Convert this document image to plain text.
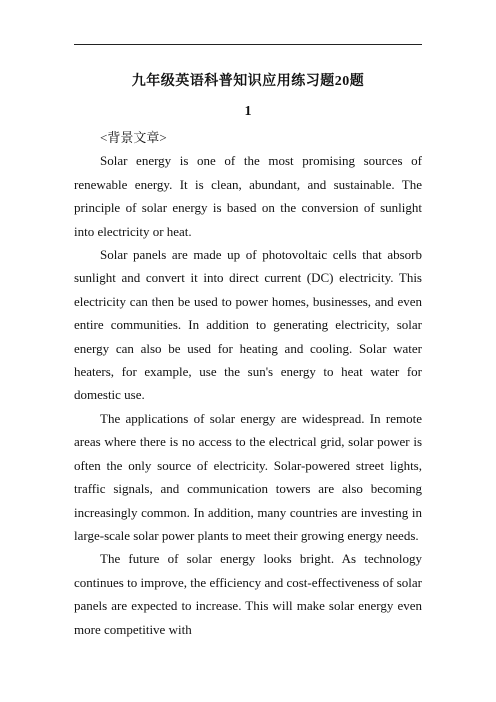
九年级英语科普知识应用练习题20题
1

<背景文章>

Solar energy is one of the most promising sources of renewable energy. It is clean, abundant, and sustainable. The principle of solar energy is based on the conversion of sunlight into electricity or heat.

Solar panels are made up of photovoltaic cells that absorb sunlight and convert it into direct current (DC) electricity. This electricity can then be used to power homes, businesses, and even entire communities. In addition to generating electricity, solar energy can also be used for heating and cooling. Solar water heaters, for example, use the sun's energy to heat water for domestic use.

The applications of solar energy are widespread. In remote areas where there is no access to the electrical grid, solar power is often the only source of electricity. Solar-powered street lights, traffic signals, and communication towers are also becoming increasingly common. In addition, many countries are investing in large-scale solar power plants to meet their growing energy needs.

The future of solar energy looks bright. As technology continues to improve, the efficiency and cost-effectiveness of solar panels are expected to increase. This will make solar energy even more competitive with
